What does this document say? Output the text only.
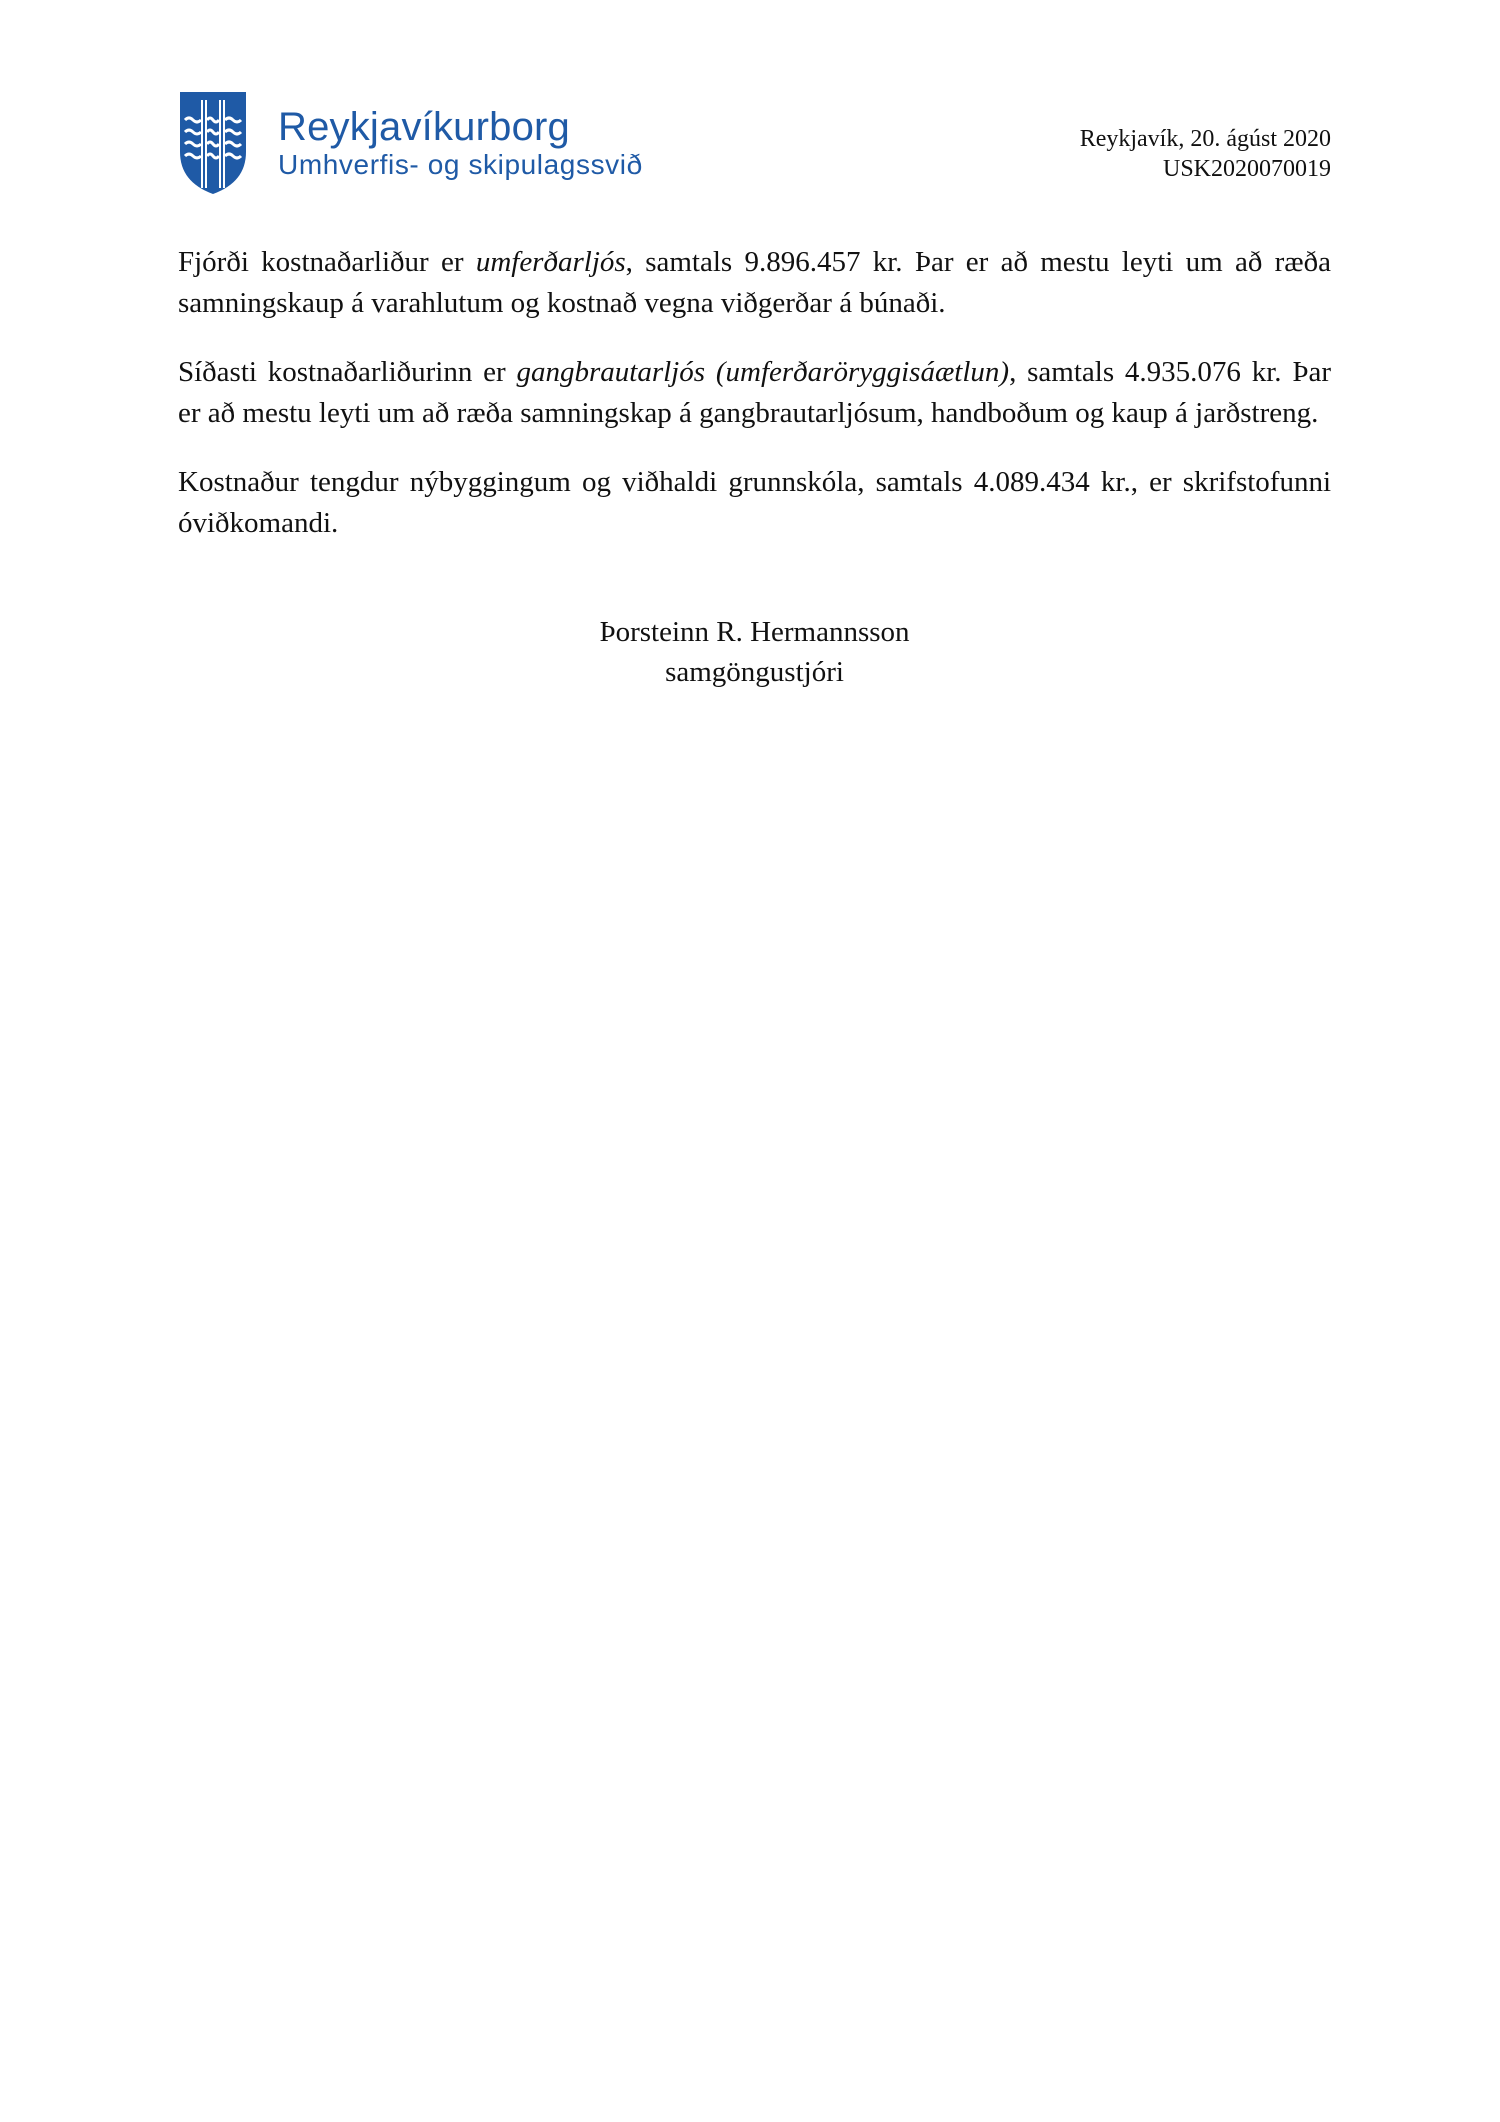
Reykjavíkurborg
Umhverfis- og skipulagssvið
Reykjavík, 20. ágúst 2020
USK2020070019

Fjórði kostnaðarliður er umferðarljós, samtals 9.896.457 kr. Þar er að mestu leyti um að ræða samningskaup á varahlutum og kostnað vegna viðgerðar á búnaði.

Síðasti kostnaðarliðurinn er gangbrautarljós (umferðaröryggisáætlun), samtals 4.935.076 kr. Þar er að mestu leyti um að ræða samningskap á gangbrautarljósum, handboðum og kaup á jarðstreng.

Kostnaður tengdur nýbyggingum og viðhaldi grunnskóla, samtals 4.089.434 kr., er skrifstofunni óviðkomandi.

Þorsteinn R. Hermannsson
samgöngustjóri
